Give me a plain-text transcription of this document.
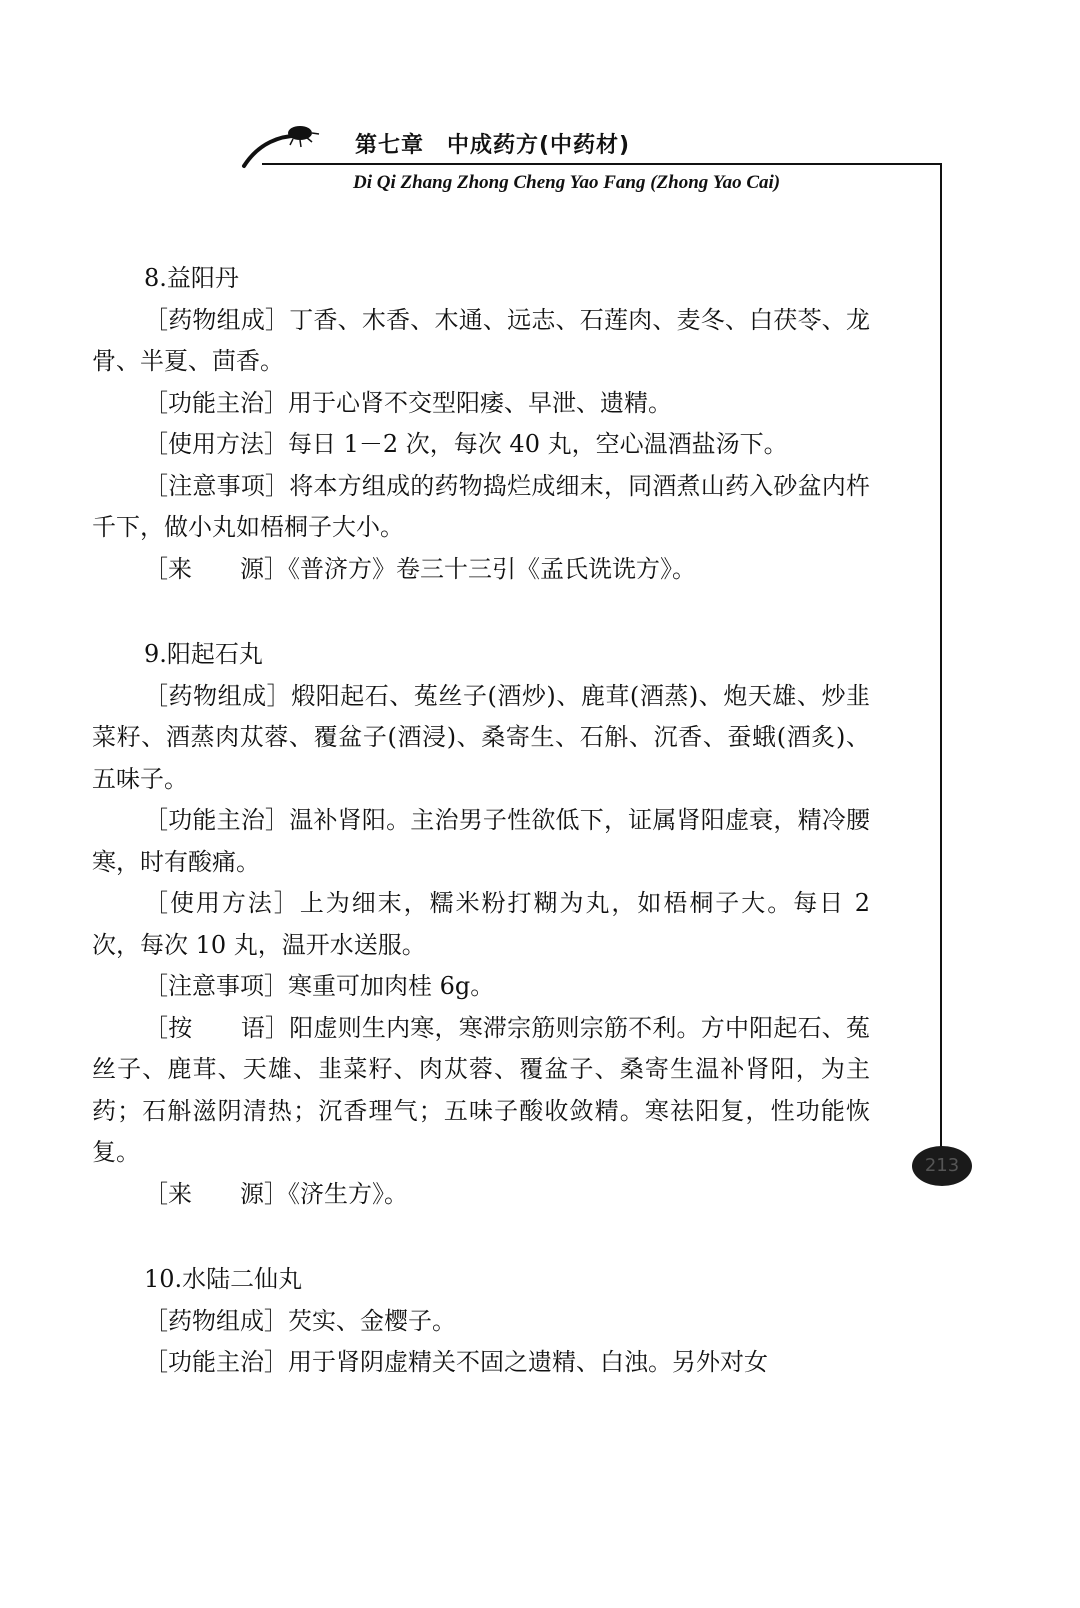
第七章　中成药方(中药材)
Di Qi Zhang Zhong Cheng Yao Fang (Zhong Yao Cai)
8.益阳丹

［药物组成］丁香、木香、木通、远志、石莲肉、麦冬、白茯苓、龙骨、半夏、茴香。

［功能主治］用于心肾不交型阳痿、早泄、遗精。

［使用方法］每日 1－2 次，每次 40 丸，空心温酒盐汤下。

［注意事项］将本方组成的药物捣烂成细末，同酒煮山药入砂盆内杵千下，做小丸如梧桐子大小。

［来　　源］《普济方》卷三十三引《孟氏诜诜方》。

9.阳起石丸

［药物组成］煅阳起石、菟丝子(酒炒)、鹿茸(酒蒸)、炮天雄、炒韭菜籽、酒蒸肉苁蓉、覆盆子(酒浸)、桑寄生、石斛、沉香、蚕蛾(酒炙)、五味子。

［功能主治］温补肾阳。主治男子性欲低下，证属肾阳虚衰，精冷腰寒，时有酸痛。

［使用方法］上为细末，糯米粉打糊为丸，如梧桐子大。每日 2 次，每次 10 丸，温开水送服。

［注意事项］寒重可加肉桂 6g。

［按　　语］阳虚则生内寒，寒滞宗筋则宗筋不利。方中阳起石、菟丝子、鹿茸、天雄、韭菜籽、肉苁蓉、覆盆子、桑寄生温补肾阳，为主药；石斛滋阴清热；沉香理气；五味子酸收敛精。寒祛阳复，性功能恢复。

［来　　源］《济生方》。

10.水陆二仙丸

［药物组成］芡实、金樱子。

［功能主治］用于肾阴虚精关不固之遗精、白浊。另外对女

213
